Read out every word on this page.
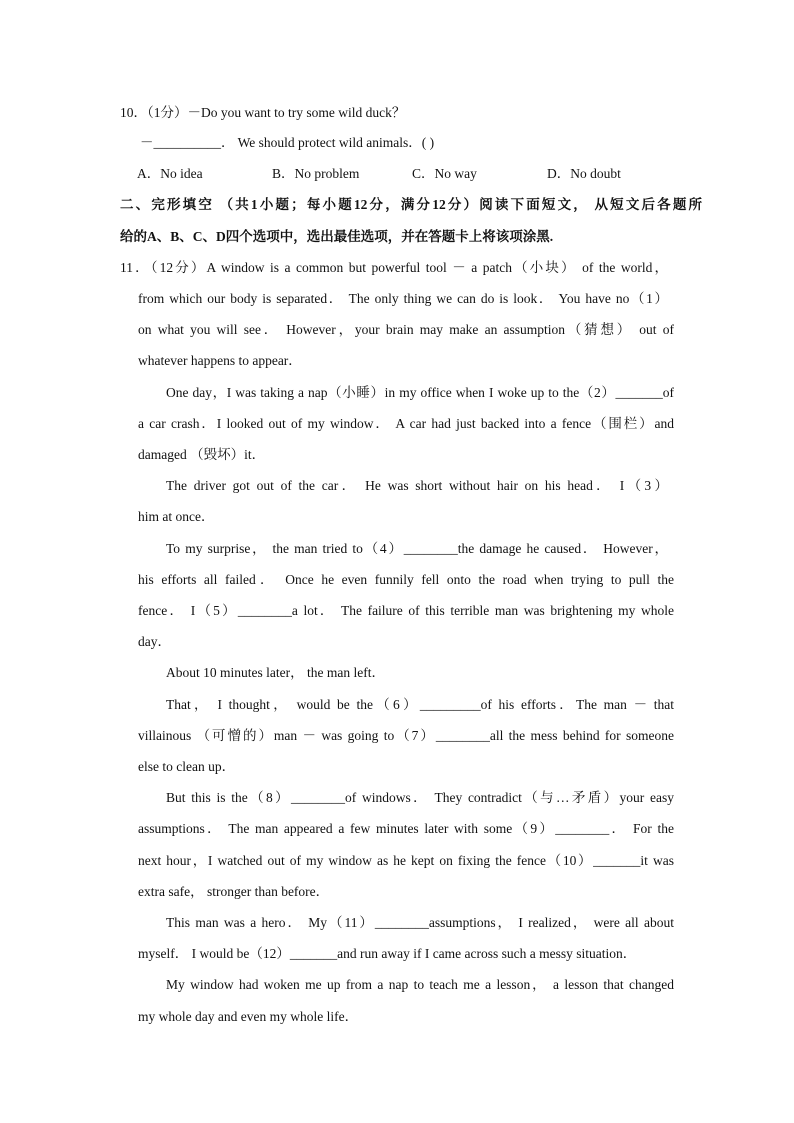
10．（1分）－Do you want to try some wild duck？
－__________． We should protect wild animals．( )
A．No idea	B．No problem	C．No way	D．No doubt
二、完形填空 （共1小题；每小题12分，满分12分）阅读下面短文， 从短文后各题所
给的A、B、C、D四个选项中，选出最佳选项，并在答题卡上将该项涂黑.
11．（12分）A window is a common but powerful tool － a patch（小块） of the world，
from which our body is separated． The only thing we can do is look． You have no（1）
on what you will see． However，your brain may make an assumption（猜想） out of
whatever happens to appear．
One day，I was taking a nap（小睡）in my office when I woke up to the（2）_______of
a car crash．I looked out of my window． A car had just backed into a fence（围栏）and
damaged （毁坏）it．
The driver got out of the car． He was short without hair on his head． I（3）
him at once．
To my surprise， the man tried to（4）________the damage he caused． However，
his efforts all failed． Once he even funnily fell onto the road when trying to pull the
fence． I（5）________a lot． The failure of this terrible man was brightening my whole
day．
About 10 minutes later， the man left．
That， I thought， would be the（6）_________of his efforts．The man － that
villainous （可憎的）man － was going to（7）________all the mess behind for someone
else to clean up．
But this is the（8）________of windows． They contradict（与…矛盾）your easy
assumptions． The man appeared a few minutes later with some（9）________． For the
next hour，I watched out of my window as he kept on fixing the fence（10）_______it was
extra safe， stronger than before．
This man was a hero． My（11）________assumptions， I realized， were all about
myself． I would be（12）_______and run away if I came across such a messy situation．
My window had woken me up from a nap to teach me a lesson， a lesson that changed
my whole day and even my whole life．
